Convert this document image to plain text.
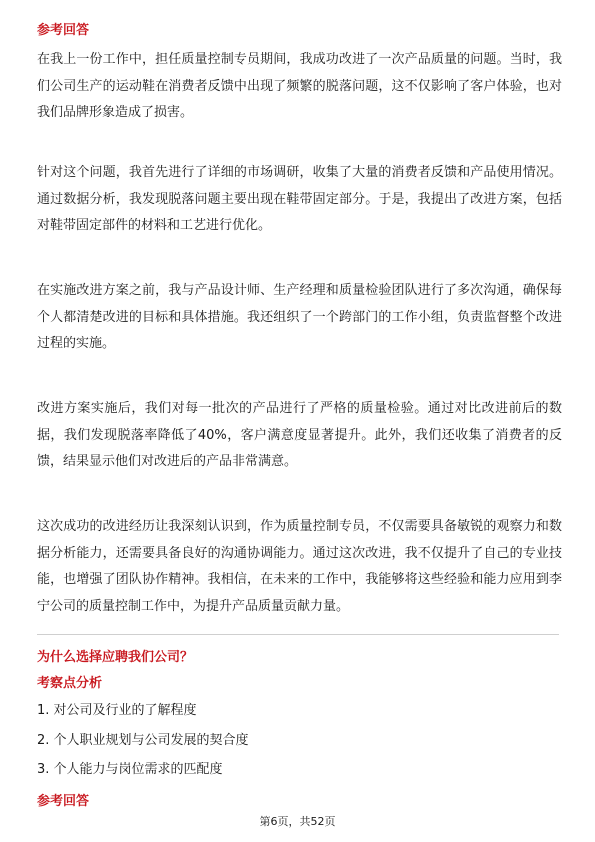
参考回答

在我上一份工作中，担任质量控制专员期间，我成功改进了一次产品质量的问题。当时，我们公司生产的运动鞋在消费者反馈中出现了频繁的脱落问题，这不仅影响了客户体验，也对我们品牌形象造成了损害。

针对这个问题，我首先进行了详细的市场调研，收集了大量的消费者反馈和产品使用情况。通过数据分析，我发现脱落问题主要出现在鞋带固定部分。于是，我提出了改进方案，包括对鞋带固定部件的材料和工艺进行优化。

在实施改进方案之前，我与产品设计师、生产经理和质量检验团队进行了多次沟通，确保每个人都清楚改进的目标和具体措施。我还组织了一个跨部门的工作小组，负责监督整个改进过程的实施。

改进方案实施后，我们对每一批次的产品进行了严格的质量检验。通过对比改进前后的数据，我们发现脱落率降低了40%，客户满意度显著提升。此外，我们还收集了消费者的反馈，结果显示他们对改进后的产品非常满意。

这次成功的改进经历让我深刻认识到，作为质量控制专员，不仅需要具备敏锐的观察力和数据分析能力，还需要具备良好的沟通协调能力。通过这次改进，我不仅提升了自己的专业技能，也增强了团队协作精神。我相信，在未来的工作中，我能够将这些经验和能力应用到李宁公司的质量控制工作中，为提升产品质量贡献力量。

为什么选择应聘我们公司？
考察点分析
1. 对公司及行业的了解程度
2. 个人职业规划与公司发展的契合度
3. 个人能力与岗位需求的匹配度
参考回答
第6页，共52页
